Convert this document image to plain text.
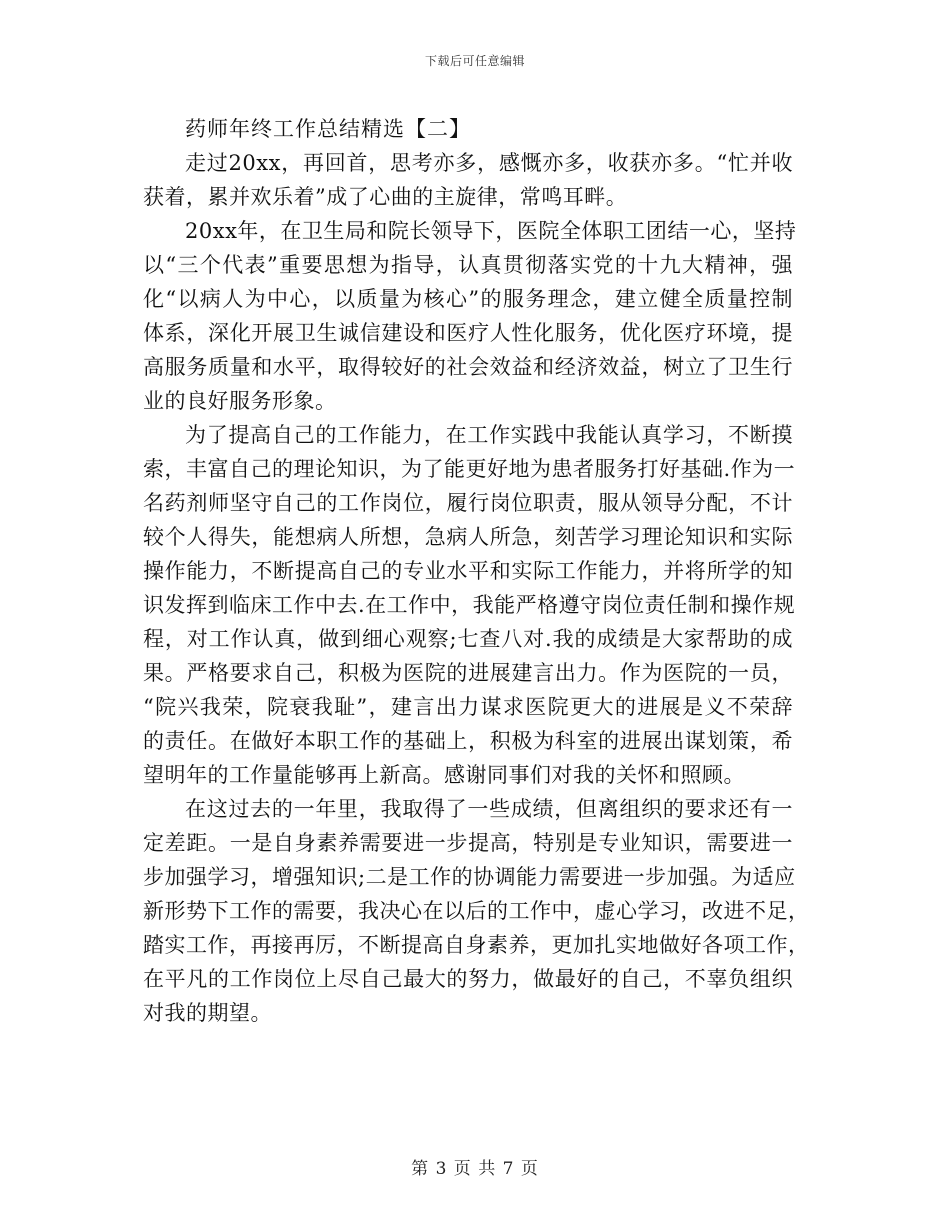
下载后可任意编辑
药师年终工作总结精选【二】
走过20xx，再回首，思考亦多，感慨亦多，收获亦多。“忙并收
获着，累并欢乐着”成了心曲的主旋律，常鸣耳畔。
20xx年，在卫生局和院长领导下，医院全体职工团结一心，坚持
以“三个代表”重要思想为指导，认真贯彻落实党的十九大精神，强
化“以病人为中心，以质量为核心”的服务理念，建立健全质量控制
体系，深化开展卫生诚信建设和医疗人性化服务，优化医疗环境，提
高服务质量和水平，取得较好的社会效益和经济效益，树立了卫生行
业的良好服务形象。
为了提高自己的工作能力，在工作实践中我能认真学习，不断摸
索，丰富自己的理论知识，为了能更好地为患者服务打好基础.作为一
名药剂师坚守自己的工作岗位，履行岗位职责，服从领导分配，不计
较个人得失，能想病人所想，急病人所急，刻苦学习理论知识和实际
操作能力，不断提高自己的专业水平和实际工作能力，并将所学的知
识发挥到临床工作中去.在工作中，我能严格遵守岗位责任制和操作规
程，对工作认真，做到细心观察;七查八对.我的成绩是大家帮助的成
果。严格要求自己，积极为医院的进展建言出力。作为医院的一员，
“院兴我荣，院衰我耻”，建言出力谋求医院更大的进展是义不荣辞
的责任。在做好本职工作的基础上，积极为科室的进展出谋划策，希
望明年的工作量能够再上新高。感谢同事们对我的关怀和照顾。
在这过去的一年里，我取得了一些成绩，但离组织的要求还有一
定差距。一是自身素养需要进一步提高，特别是专业知识，需要进一
步加强学习，增强知识;二是工作的协调能力需要进一步加强。为适应
新形势下工作的需要，我决心在以后的工作中，虚心学习，改进不足，
踏实工作，再接再厉，不断提高自身素养，更加扎实地做好各项工作，
在平凡的工作岗位上尽自己最大的努力，做最好的自己，不辜负组织
对我的期望。
第 3 页 共 7 页
